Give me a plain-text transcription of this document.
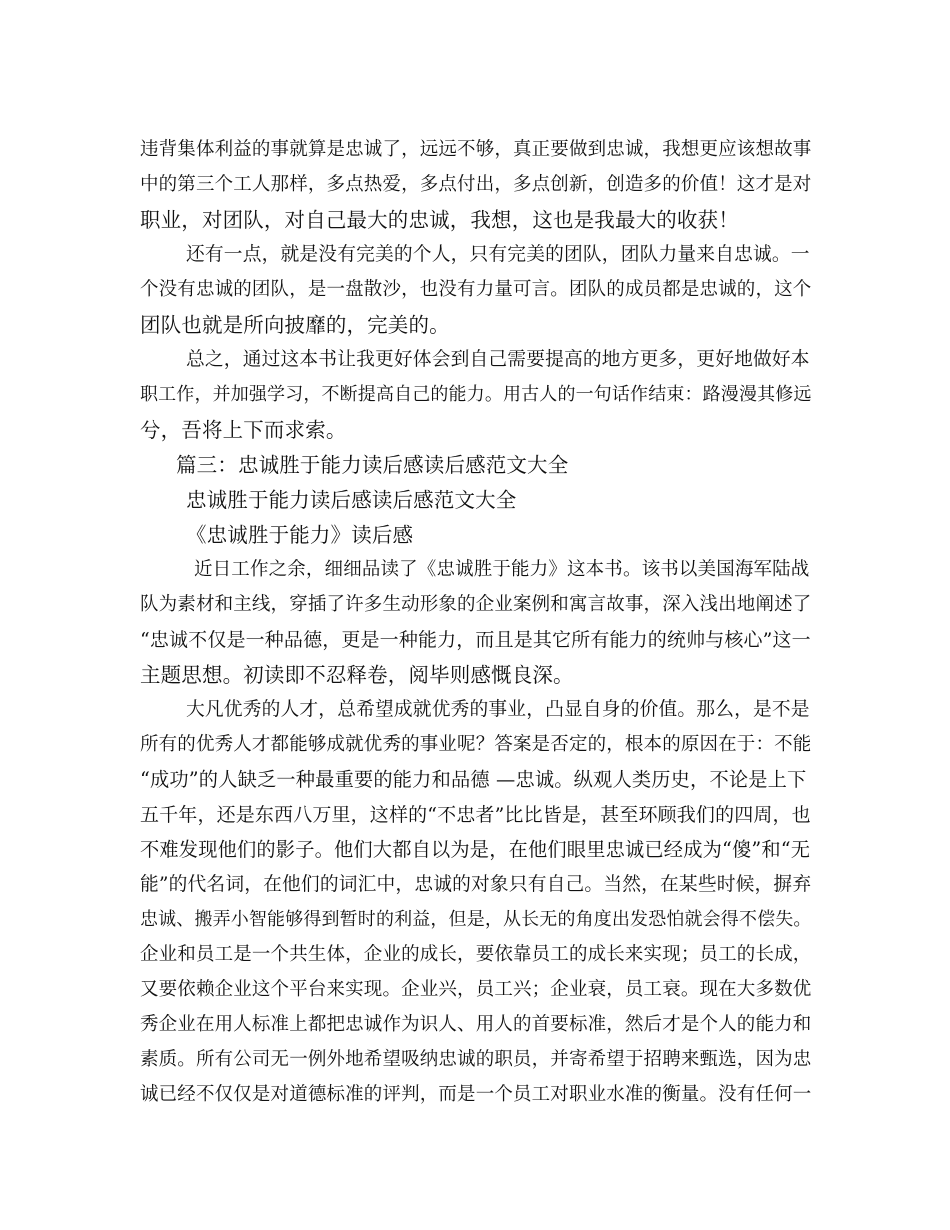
违背集体利益的事就算是忠诚了，远远不够，真正要做到忠诚，我想更应该想故事
中的第三个工人那样，多点热爱，多点付出，多点创新，创造多的价值！这才是对
职业，对团队，对自己最大的忠诚，我想，这也是我最大的收获！
还有一点，就是没有完美的个人，只有完美的团队，团队力量来自忠诚。一
个没有忠诚的团队，是一盘散沙，也没有力量可言。团队的成员都是忠诚的，这个
团队也就是所向披靡的，完美的。
总之，通过这本书让我更好体会到自己需要提高的地方更多，更好地做好本
职工作，并加强学习，不断提高自己的能力。用古人的一句话作结束：路漫漫其修远
兮，吾将上下而求索。
篇三：忠诚胜于能力读后感读后感范文大全
忠诚胜于能力读后感读后感范文大全
《忠诚胜于能力》读后感
近日工作之余，细细品读了《忠诚胜于能力》这本书。该书以美国海军陆战
队为素材和主线，穿插了许多生动形象的企业案例和寓言故事，深入浅出地阐述了
“忠诚不仅是一种品德，更是一种能力，而且是其它所有能力的统帅与核心”这一
主题思想。初读即不忍释卷，阅毕则感慨良深。
大凡优秀的人才，总希望成就优秀的事业，凸显自身的价值。那么，是不是
所有的优秀人才都能够成就优秀的事业呢？答案是否定的，根本的原因在于：不能
“成功”的人缺乏一种最重要的能力和品德 —忠诚。纵观人类历史，不论是上下
五千年，还是东西八万里，这样的“不忠者”比比皆是，甚至环顾我们的四周，也
不难发现他们的影子。他们大都自以为是，在他们眼里忠诚已经成为“傻”和“无
能”的代名词，在他们的词汇中，忠诚的对象只有自己。当然，在某些时候，摒弃
忠诚、搬弄小智能够得到暂时的利益，但是，从长无的角度出发恐怕就会得不偿失。
企业和员工是一个共生体，企业的成长，要依靠员工的成长来实现；员工的长成，
又要依赖企业这个平台来实现。企业兴，员工兴；企业衰，员工衰。现在大多数优
秀企业在用人标准上都把忠诚作为识人、用人的首要标准，然后才是个人的能力和
素质。所有公司无一例外地希望吸纳忠诚的职员，并寄希望于招聘来甄选，因为忠
诚已经不仅仅是对道德标准的评判，而是一个员工对职业水准的衡量。没有任何一
